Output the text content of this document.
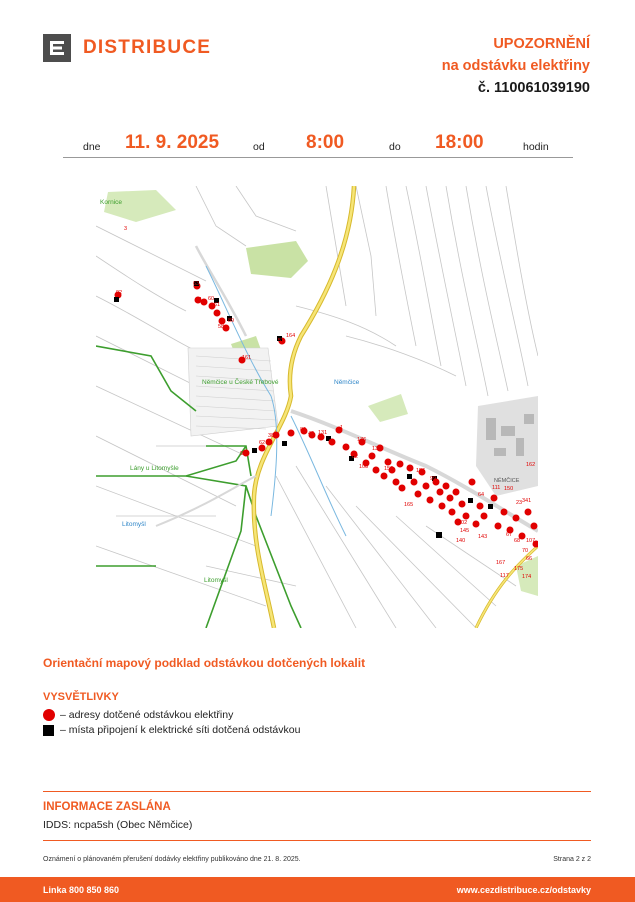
DISTRIBUCE	UPOZORNĚNÍ
na odstávku elektřiny
č. 110061039190
dne 11. 9. 2025	od 8:00	do 18:00	hodin
Kornice
Němčice u České Třebové	Němčice
Lány u Litomyšle
Litomyšl
Litomyšl
NĚMČICE
3
92
63
51 60
61
89
58
57
164
161
95
38
86
48
62
131
1
176
134
82
108	153	156
99
165
102
111 150
64
23 341
162
140
145
143	67
68 107
70
167
117 174
175
66
Orientační mapový podklad odstávkou dotčených lokalit
VYSVĚTLIVKY
– adresy dotčené odstávkou elektřiny
– místa připojení k elektrické síti dotčená odstávkou
INFORMACE ZASLÁNA
IDDS: ncpa5sh (Obec Němčice)
Oznámení o plánovaném přerušení dodávky elektřiny publikováno dne 21. 8. 2025.	Strana 2 z 2
Linka 800 850 860	www.cezdistribuce.cz/odstavky
